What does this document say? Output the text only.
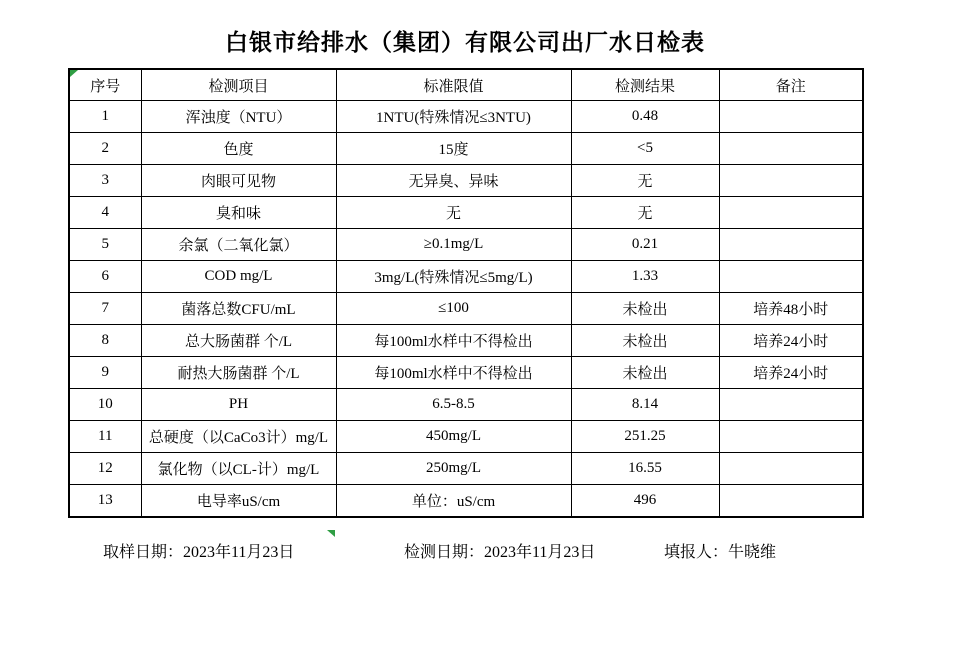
白银市给排水（集团）有限公司出厂水日检表
序号	检测项目	标准限值	检测结果	备注
1	浑浊度（NTU）	1NTU(特殊情况≤3NTU)	0.48	
2	色度	15度	<5	
3	肉眼可见物	无异臭、异味	无	
4	臭和味	无	无	
5	余氯（二氧化氯）	≥0.1mg/L	0.21	
6	COD mg/L	3mg/L(特殊情况≤5mg/L)	1.33	
7	菌落总数CFU/mL	≤100	未检出	培养48小时
8	总大肠菌群 个/L	每100ml水样中不得检出	未检出	培养24小时
9	耐热大肠菌群 个/L	每100ml水样中不得检出	未检出	培养24小时
10	PH	6.5-8.5	8.14	
11	总硬度（以CaCo3计）mg/L	450mg/L	251.25	
12	氯化物（以CL-计）mg/L	250mg/L	16.55	
13	电导率uS/cm	单位：uS/cm	496	
取样日期：2023年11月23日	检测日期：2023年11月23日	填报人：牛晓维
